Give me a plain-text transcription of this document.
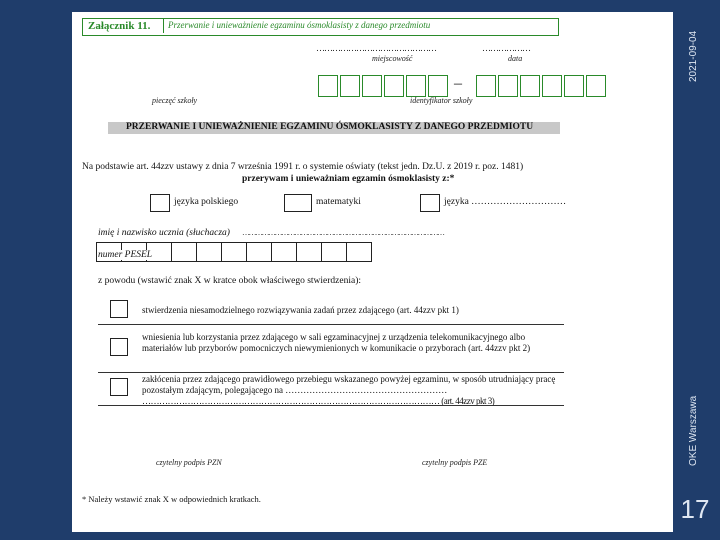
2021-09-04
OKE Warszawa
17
Załącznik 11.	Przerwanie i unieważnienie egzaminu ósmoklasisty z danego przedmiotu
………………………………………
miejscowość
………………
data
pieczęć szkoły
–
identyfikator szkoły
PRZERWANIE I UNIEWAŻNIENIE EGZAMINU ÓSMOKLASISTY Z DANEGO PRZEDMIOTU
Na podstawie art. 44zzv ustawy z dnia 7 września 1991 r. o systemie oświaty (tekst jedn. Dz.U. z 2019 r. poz. 1481)
przerywam i unieważniam egzamin ósmoklasisty z:*
języka polskiego	matematyki	języka …………………………
imię i nazwisko ucznia (słuchacza) …………………………………………………………………………………
numer PESEL
z powodu (wstawić znak X w kratce obok właściwego stwierdzenia):
stwierdzenia niesamodzielnego rozwiązywania zadań przez zdającego (art. 44zzv pkt 1)
wniesienia lub korzystania przez zdającego w sali egzaminacyjnej z urządzenia telekomunikacyjnego albo materiałów lub przyborów pomocniczych niewymienionych w komunikacie o przyborach (art. 44zzv pkt 2)
zakłócenia przez zdającego prawidłowego przebiegu wskazanego powyżej egzaminu, w sposób utrudniający pracę pozostałym zdającym, polegającego na ………………………………………………
…………………………………………………………………………………………… (art. 44zzv pkt 3)
czytelny podpis PZN	czytelny podpis PZE
* Należy wstawić znak X w odpowiednich kratkach.
